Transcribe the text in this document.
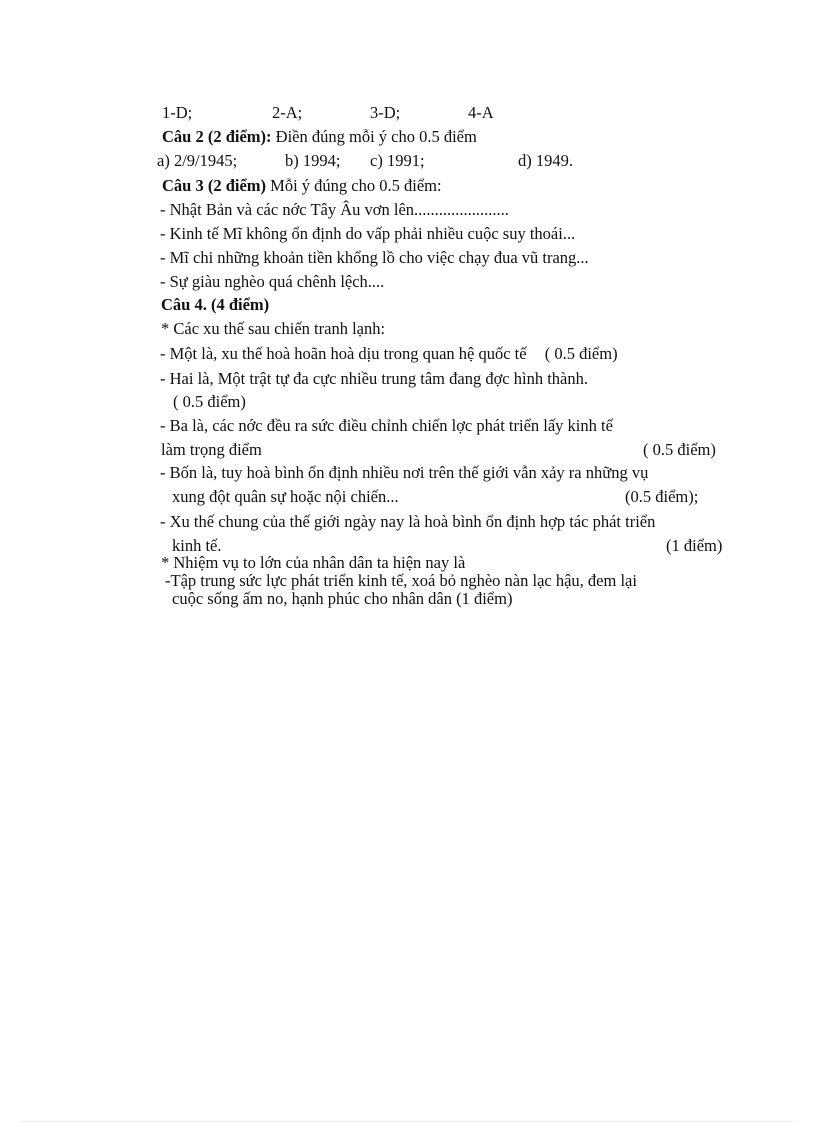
1-D;	2-A;	3-D;	4-A
Câu 2 (2 điểm): Điền đúng mỗi ý cho 0.5 điểm
a) 2/9/1945;	b) 1994; c) 1991;	d) 1949.
Câu 3 (2 điểm) Mỗi ý đúng cho 0.5 điểm:
- Nhật Bản và các nớc Tây Âu vơn lên.......................
- Kinh tế Mĩ không ổn định do vấp phải nhiều cuộc suy thoái...
- Mĩ chi những khoản tiền khổng lồ cho việc chạy đua vũ trang...
- Sự giàu nghèo quá chênh lệch....
Câu 4. (4 điểm)
* Các xu thế sau chiến tranh lạnh:
- Một là, xu thế hoà hoãn hoà dịu trong quan hệ quốc tế ( 0.5 điểm)
- Hai là, Một trật tự đa cực nhiều trung tâm đang đợc hình thành.
( 0.5 điểm)
- Ba là, các nớc đều ra sức điều chỉnh chiến lợc phát triển lấy kinh tế
làm trọng điểm	( 0.5 điểm)
- Bốn là, tuy hoà bình ổn định nhiều nơi trên thế giới vẫn xảy ra những vụ
xung đột quân sự hoặc nội chiến...	(0.5 điểm);
- Xu thế chung của thế giới ngày nay là hoà bình ổn định hợp tác phát triển
kinh tế.	(1 điểm)
* Nhiệm vụ to lớn của nhân dân ta hiện nay là
-Tập trung sức lực phát triển kinh tế, xoá bỏ nghèo nàn lạc hậu, đem lại
cuộc sống ấm no, hạnh phúc cho nhân dân (1 điểm)
